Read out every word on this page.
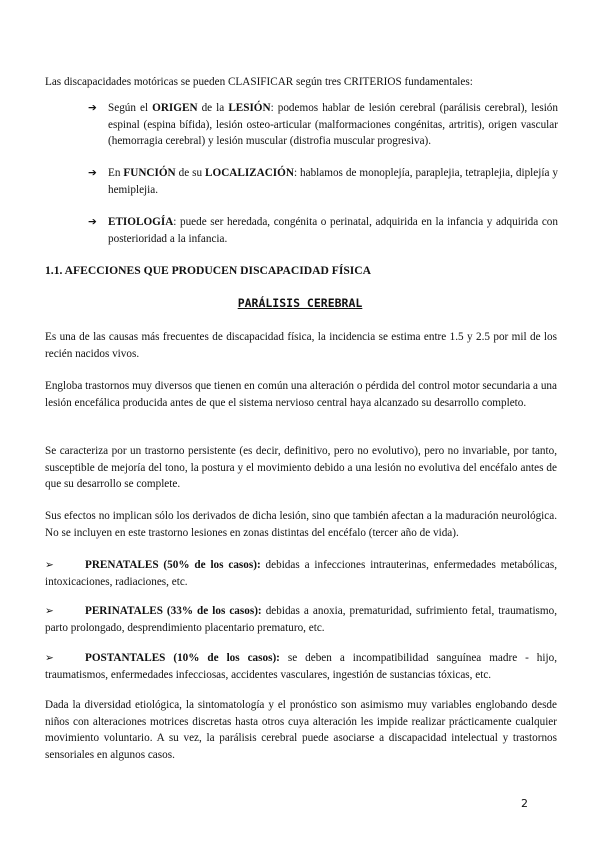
Las discapacidades motóricas se pueden CLASIFICAR según tres CRITERIOS fundamentales:

➔ Según el ORIGEN de la LESIÓN: podemos hablar de lesión cerebral (parálisis cerebral), lesión espinal (espina bífida), lesión osteo-articular (malformaciones congénitas, artritis), origen vascular (hemorragia cerebral) y lesión muscular (distrofia muscular progresiva).
➔ En FUNCIÓN de su LOCALIZACIÓN: hablamos de monoplejía, paraplejia, tetraplejia, diplejía y hemiplejia.
➔ ETIOLOGÍA: puede ser heredada, congénita o perinatal, adquirida en la infancia y adquirida con posterioridad a la infancia.
1.1. AFECCIONES QUE PRODUCEN DISCAPACIDAD FÍSICA
PARÁLISIS CEREBRAL

Es una de las causas más frecuentes de discapacidad física, la incidencia se estima entre 1.5 y 2.5 por mil de los recién nacidos vivos.

Engloba trastornos muy diversos que tienen en común una alteración o pérdida del control motor secundaria a una lesión encefálica producida antes de que el sistema nervioso central haya alcanzado su desarrollo completo.

Se caracteriza por un trastorno persistente (es decir, definitivo, pero no evolutivo), pero no invariable, por tanto, susceptible de mejoría del tono, la postura y el movimiento debido a una lesión no evolutiva del encéfalo antes de que su desarrollo se complete.

Sus efectos no implican sólo los derivados de dicha lesión, sino que también afectan a la maduración neurológica. No se incluyen en este trastorno lesiones en zonas distintas del encéfalo (tercer año de vida).

➢	PRENATALES (50% de los casos): debidas a infecciones intrauterinas, enfermedades metabólicas, intoxicaciones, radiaciones, etc.

➢	PERINATALES (33% de los casos): debidas a anoxia, prematuridad, sufrimiento fetal, traumatismo, parto prolongado, desprendimiento placentario prematuro, etc.

➢	POSTANTALES (10% de los casos): se deben a incompatibilidad sanguínea madre - hijo, traumatismos, enfermedades infecciosas, accidentes vasculares, ingestión de sustancias tóxicas, etc.

Dada la diversidad etiológica, la sintomatología y el pronóstico son asimismo muy variables englobando desde niños con alteraciones motrices discretas hasta otros cuya alteración les impide realizar prácticamente cualquier movimiento voluntario. A su vez, la parálisis cerebral puede asociarse a discapacidad intelectual y trastornos sensoriales en algunos casos.

2
